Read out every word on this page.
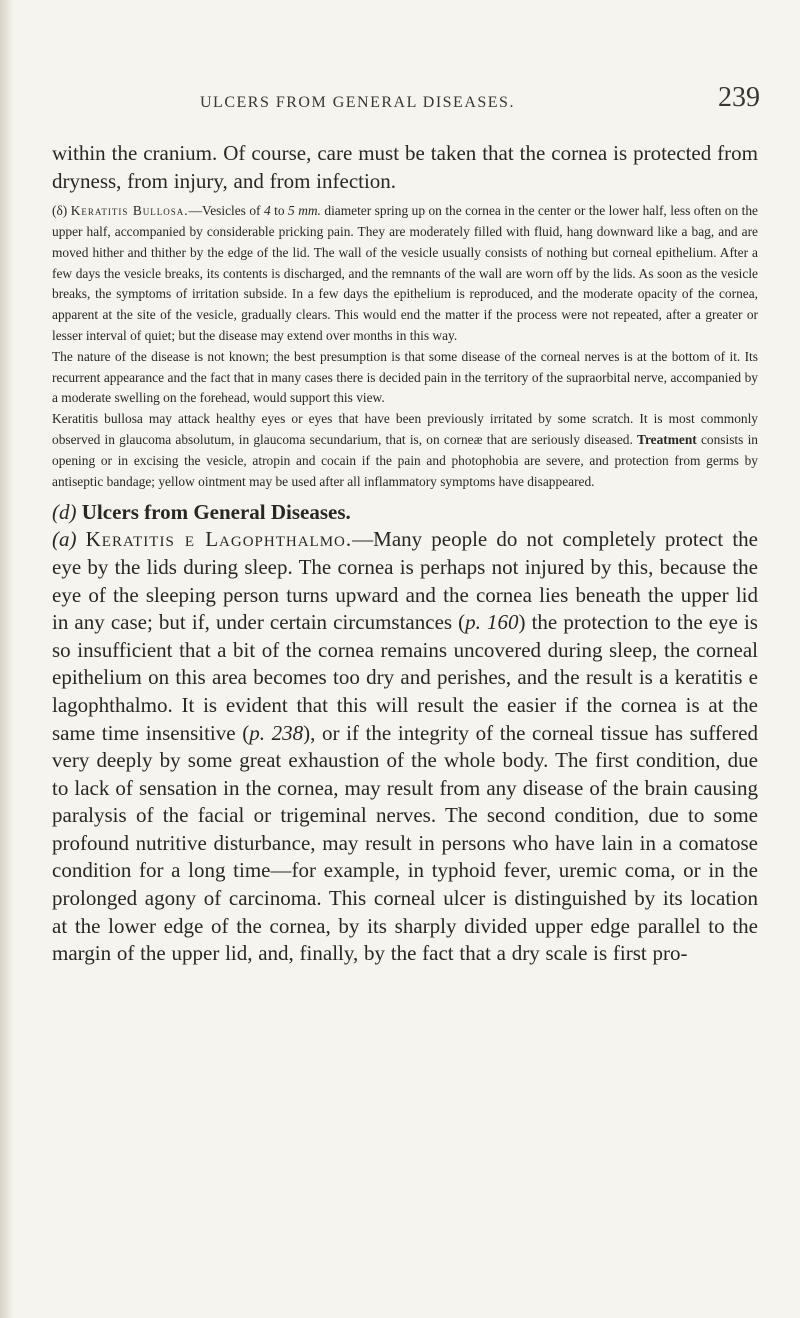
ULCERS FROM GENERAL DISEASES.	239

within the cranium. Of course, care must be taken that the cornea is protected from dryness, from injury, and from infection.

(δ) Keratitis Bullosa.—Vesicles of 4 to 5 mm. diameter spring up on the cornea in the center or the lower half, less often on the upper half, accompanied by considerable pricking pain. They are moderately filled with fluid, hang downward like a bag, and are moved hither and thither by the edge of the lid. The wall of the vesicle usually consists of nothing but corneal epithelium. After a few days the vesicle breaks, its contents is discharged, and the remnants of the wall are worn off by the lids. As soon as the vesicle breaks, the symptoms of irritation subside. In a few days the epithelium is reproduced, and the moderate opacity of the cornea, apparent at the site of the vesicle, gradually clears. This would end the matter if the process were not repeated, after a greater or lesser interval of quiet; but the disease may extend over months in this way.

The nature of the disease is not known; the best presumption is that some disease of the corneal nerves is at the bottom of it. Its recurrent appearance and the fact that in many cases there is decided pain in the territory of the supraorbital nerve, accompanied by a moderate swelling on the forehead, would support this view.

Keratitis bullosa may attack healthy eyes or eyes that have been previously irritated by some scratch. It is most commonly observed in glaucoma absolutum, in glaucoma secundarium, that is, on corneæ that are seriously diseased. Treatment consists in opening or in excising the vesicle, atropin and cocain if the pain and photophobia are severe, and protection from germs by antiseptic bandage; yellow ointment may be used after all inflammatory symptoms have disappeared.

(d) Ulcers from General Diseases.

(a) Keratitis e Lagophthalmo.—Many people do not completely protect the eye by the lids during sleep. The cornea is perhaps not injured by this, because the eye of the sleeping person turns upward and the cornea lies beneath the upper lid in any case; but if, under certain circumstances (p. 160) the protection to the eye is so insufficient that a bit of the cornea remains uncovered during sleep, the corneal epithelium on this area becomes too dry and perishes, and the result is a keratitis e lagophthalmo. It is evident that this will result the easier if the cornea is at the same time insensitive (p. 238), or if the integrity of the corneal tissue has suffered very deeply by some great exhaustion of the whole body. The first condition, due to lack of sensation in the cornea, may result from any disease of the brain causing paralysis of the facial or trigeminal nerves. The second condition, due to some profound nutritive disturbance, may result in persons who have lain in a comatose condition for a long time—for example, in typhoid fever, uremic coma, or in the prolonged agony of carcinoma. This corneal ulcer is distinguished by its location at the lower edge of the cornea, by its sharply divided upper edge parallel to the margin of the upper lid, and, finally, by the fact that a dry scale is first pro-
